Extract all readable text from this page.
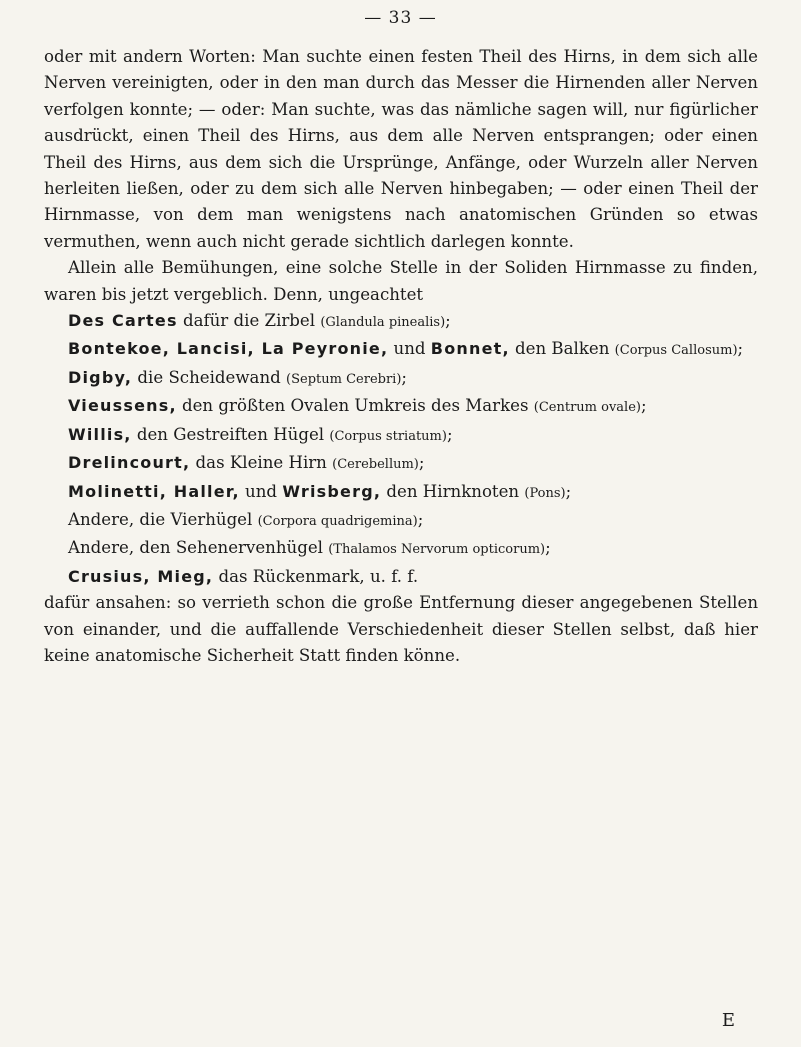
— 33 —

oder mit andern Worten: Man suchte einen festen Theil des Hirns, in dem sich alle Nerven vereinigten, oder in den man durch das Messer die Hirnenden aller Nerven verfolgen konnte; — oder: Man suchte, was das nämliche sagen will, nur figürlicher ausdrückt, einen Theil des Hirns, aus dem alle Nerven entsprangen; oder einen Theil des Hirns, aus dem sich die Ursprünge, Anfänge, oder Wurzeln aller Nerven herleiten ließen, oder zu dem sich alle Nerven hinbegaben; — oder einen Theil der Hirnmasse, von dem man wenigstens nach anatomischen Gründen so etwas vermuthen, wenn auch nicht gerade sichtlich darlegen konnte.

Allein alle Bemühungen, eine solche Stelle in der Soliden Hirnmasse zu finden, waren bis jetzt vergeblich. Denn, ungeachtet

Des Cartes dafür die Zirbel (Glandula pinealis);

Bontekoe, Lancisi, La Peyronie, und Bonnet, den Balken (Corpus Callosum);

Digby, die Scheidewand (Septum Cerebri);

Vieussens, den größten Ovalen Umkreis des Markes (Centrum ovale);

Willis, den Gestreiften Hügel (Corpus striatum);

Drelincourt, das Kleine Hirn (Cerebellum);

Molinetti, Haller, und Wrisberg, den Hirnknoten (Pons);

Andere, die Vierhügel (Corpora quadrigemina);

Andere, den Sehenervenhügel (Thalamos Nervorum opticorum);

Crusius, Mieg, das Rückenmark, u. f. f.

dafür ansahen: so verrieth schon die große Entfernung dieser angegebenen Stellen von einander, und die auffallende Verschiedenheit dieser Stellen selbst, daß hier keine anatomische Sicherheit Statt finden könne.

E
